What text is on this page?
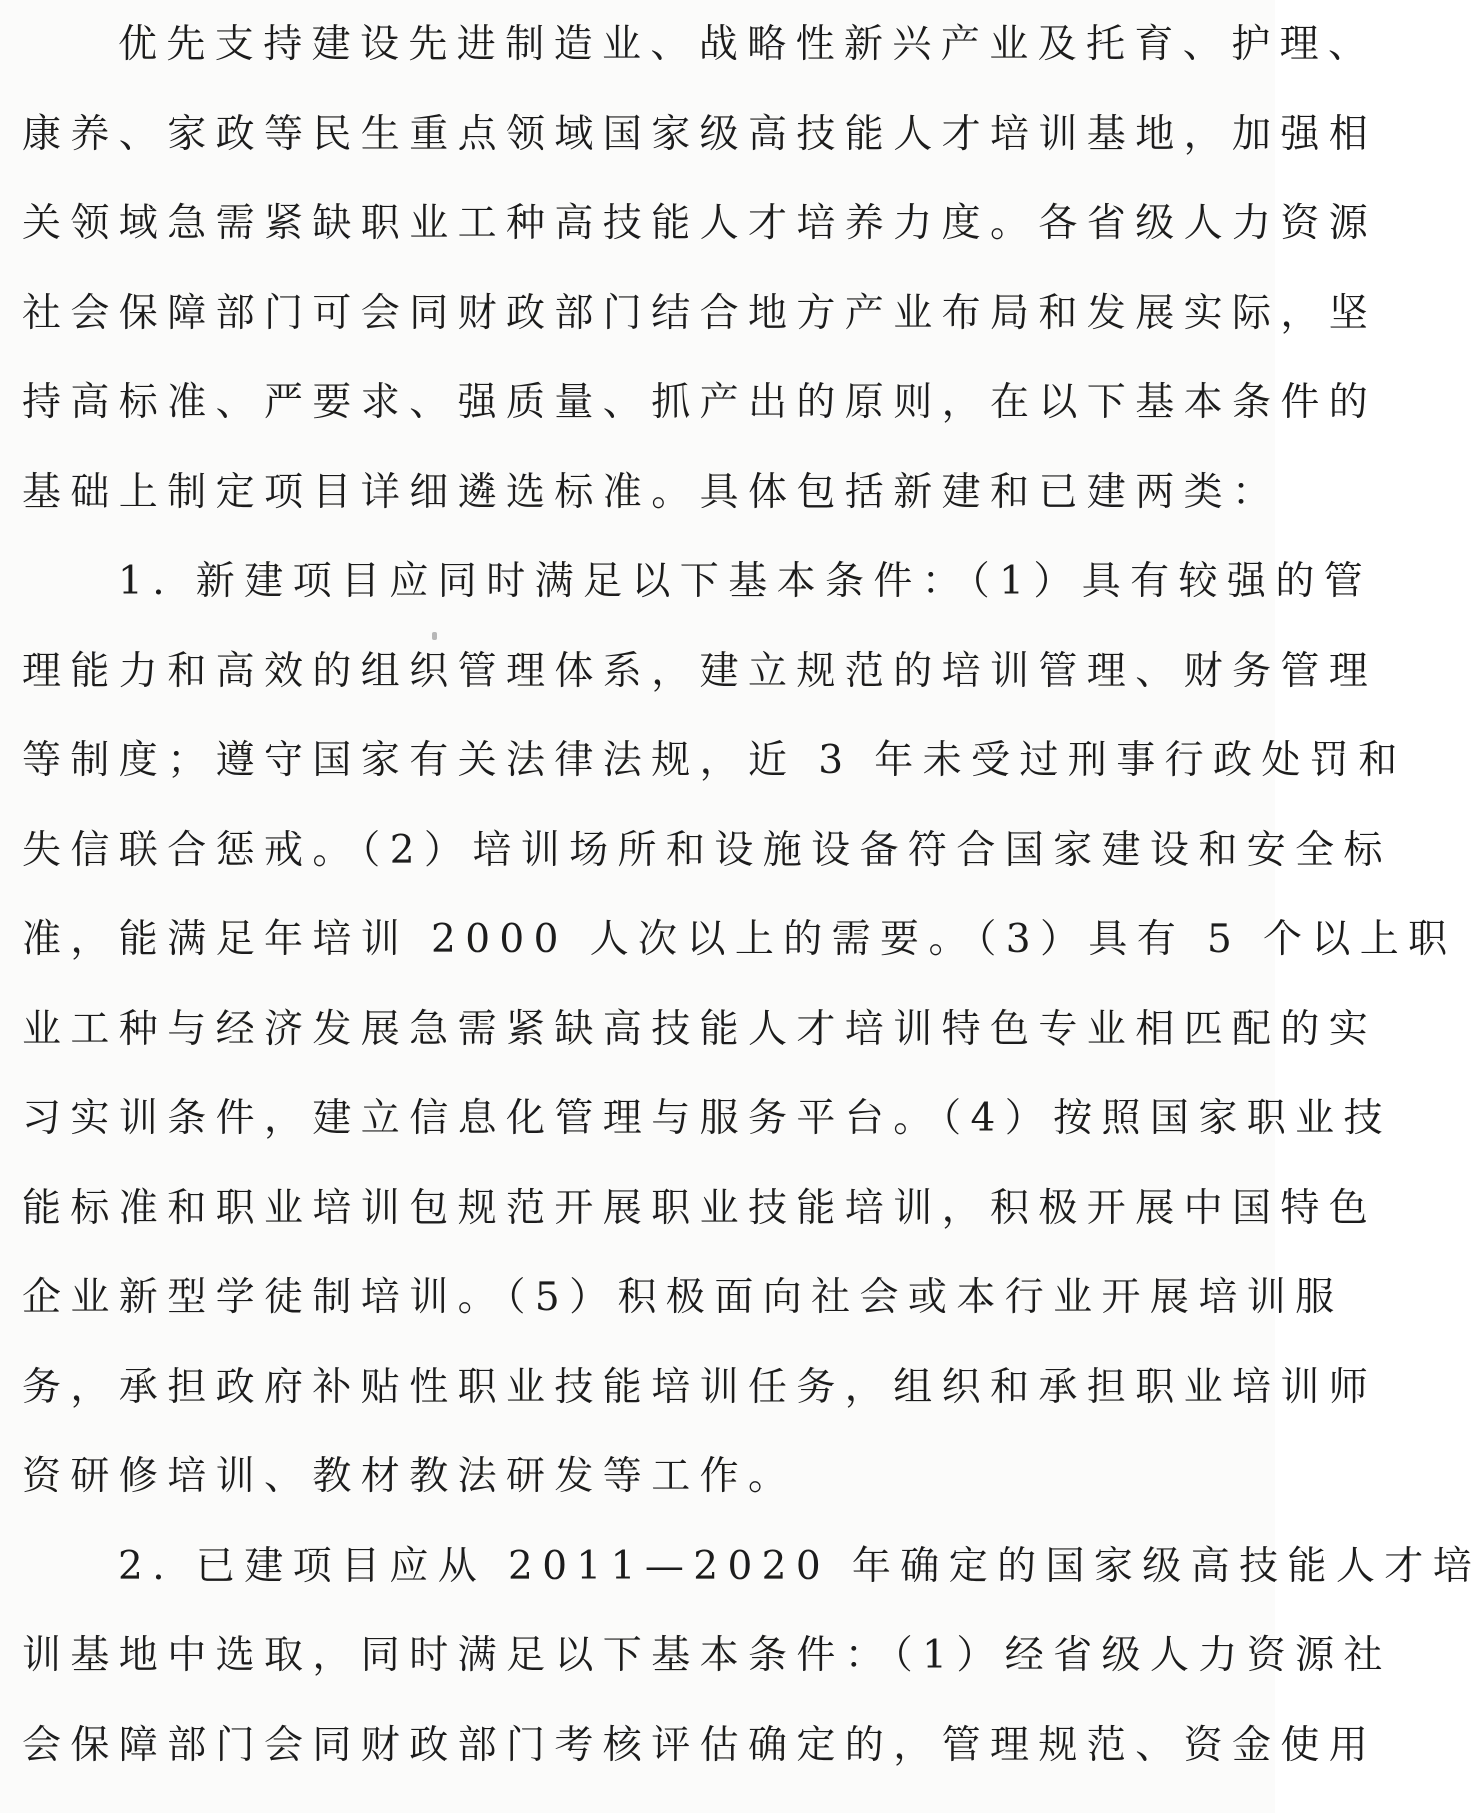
优先支持建设先进制造业、战略性新兴产业及托育、护理、
康养、家政等民生重点领域国家级高技能人才培训基地，加强相
关领域急需紧缺职业工种高技能人才培养力度。各省级人力资源
社会保障部门可会同财政部门结合地方产业布局和发展实际，坚
持高标准、严要求、强质量、抓产出的原则，在以下基本条件的
基础上制定项目详细遴选标准。具体包括新建和已建两类：
1. 新建项目应同时满足以下基本条件：（1）具有较强的管
理能力和高效的组织管理体系，建立规范的培训管理、财务管理
等制度；遵守国家有关法律法规，近 3 年未受过刑事行政处罚和
失信联合惩戒。（2）培训场所和设施设备符合国家建设和安全标
准，能满足年培训 2000 人次以上的需要。（3）具有 5 个以上职
业工种与经济发展急需紧缺高技能人才培训特色专业相匹配的实
习实训条件，建立信息化管理与服务平台。（4）按照国家职业技
能标准和职业培训包规范开展职业技能培训，积极开展中国特色
企业新型学徒制培训。（5）积极面向社会或本行业开展培训服
务，承担政府补贴性职业技能培训任务，组织和承担职业培训师
资研修培训、教材教法研发等工作。
2. 已建项目应从 2011—2020 年确定的国家级高技能人才培
训基地中选取，同时满足以下基本条件：（1）经省级人力资源社
会保障部门会同财政部门考核评估确定的，管理规范、资金使用
